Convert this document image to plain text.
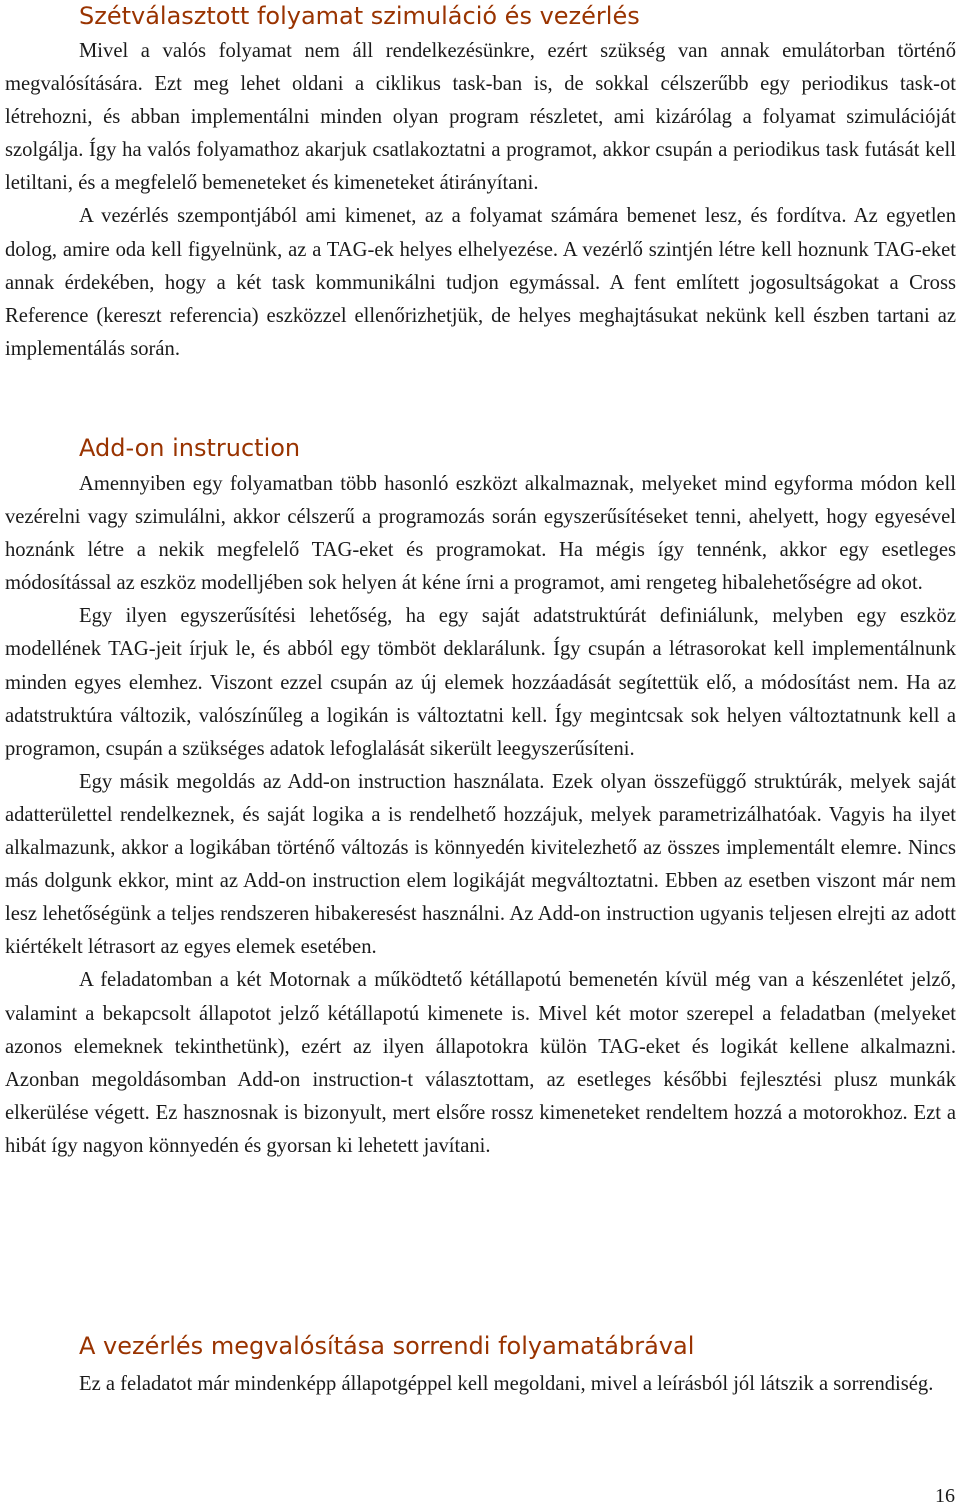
Szétválasztott folyamat szimuláció és vezérlés

Mivel a valós folyamat nem áll rendelkezésünkre, ezért szükség van annak emulátorban történő megvalósítására. Ezt meg lehet oldani a ciklikus task-ban is, de sokkal célszerűbb egy periodikus task-ot létrehozni, és abban implementálni minden olyan program részletet, ami kizárólag a folyamat szimulációját szolgálja. Így ha valós folyamathoz akarjuk csatlakoztatni a programot, akkor csupán a periodikus task futását kell letiltani, és a megfelelő bemeneteket és kimeneteket átirányítani.

A vezérlés szempontjából ami kimenet, az a folyamat számára bemenet lesz, és fordítva. Az egyetlen dolog, amire oda kell figyelnünk, az a TAG-ek helyes elhelyezése. A vezérlő szintjén létre kell hoznunk TAG-eket annak érdekében, hogy a két task kommunikálni tudjon egymással. A fent említett jogosultságokat a Cross Reference (kereszt referencia) eszközzel ellenőrizhetjük, de helyes meghajtásukat nekünk kell észben tartani az implementálás során.

Add-on instruction

Amennyiben egy folyamatban több hasonló eszközt alkalmaznak, melyeket mind egyforma módon kell vezérelni vagy szimulálni, akkor célszerű a programozás során egyszerűsítéseket tenni, ahelyett, hogy egyesével hoznánk létre a nekik megfelelő TAG-eket és programokat. Ha mégis így tennénk, akkor egy esetleges módosítással az eszköz modelljében sok helyen át kéne írni a programot, ami rengeteg hibalehetőségre ad okot.

Egy ilyen egyszerűsítési lehetőség, ha egy saját adatstruktúrát definiálunk, melyben egy eszköz modellének TAG-jeit írjuk le, és abból egy tömböt deklarálunk. Így csupán a létrasorokat kell implementálnunk minden egyes elemhez. Viszont ezzel csupán az új elemek hozzáadását segítettük elő, a módosítást nem. Ha az adatstruktúra változik, valószínűleg a logikán is változtatni kell. Így megintcsak sok helyen változtatnunk kell a programon, csupán a szükséges adatok lefoglalását sikerült leegyszerűsíteni.

Egy másik megoldás az Add-on instruction használata. Ezek olyan összefüggő struktúrák, melyek saját adatterülettel rendelkeznek, és saját logika a is rendelhető hozzájuk, melyek parametrizálhatóak. Vagyis ha ilyet alkalmazunk, akkor a logikában történő változás is könnyedén kivitelezhető az összes implementált elemre. Nincs más dolgunk ekkor, mint az Add-on instruction elem logikáját megváltoztatni. Ebben az esetben viszont már nem lesz lehetőségünk a teljes rendszeren hibakeresést használni. Az Add-on instruction ugyanis teljesen elrejti az adott kiértékelt létrasort az egyes elemek esetében.

A feladatomban a két Motornak a működtető kétállapotú bemenetén kívül még van a készenlétet jelző, valamint a bekapcsolt állapotot jelző kétállapotú kimenete is. Mivel két motor szerepel a feladatban (melyeket azonos elemeknek tekinthetünk), ezért az ilyen állapotokra külön TAG-eket és logikát kellene alkalmazni. Azonban megoldásomban Add-on instruction-t választottam, az esetleges későbbi fejlesztési plusz munkák elkerülése végett. Ez hasznosnak is bizonyult, mert elsőre rossz kimeneteket rendeltem hozzá a motorokhoz. Ezt a hibát így nagyon könnyedén és gyorsan ki lehetett javítani.

A vezérlés megvalósítása sorrendi folyamatábrával

Ez a feladatot már mindenképp állapotgéppel kell megoldani, mivel a leírásból jól látszik a sorrendiség.

16
